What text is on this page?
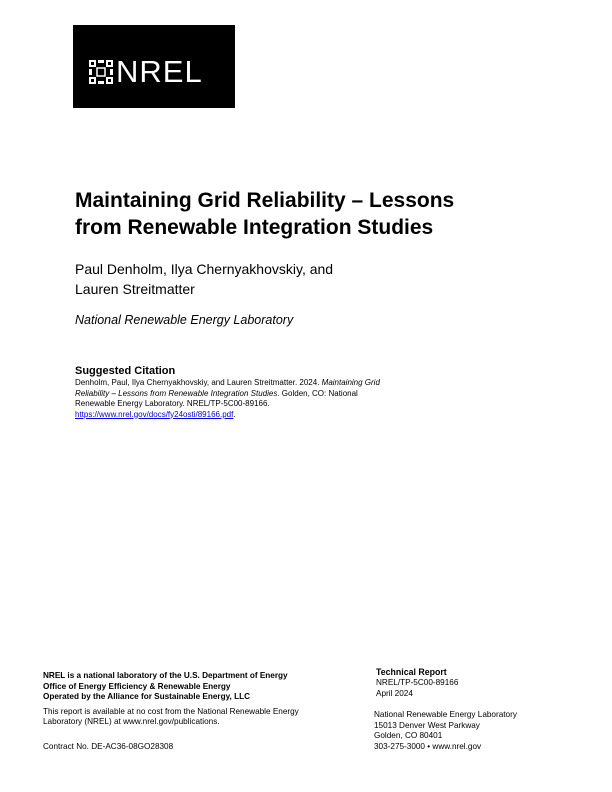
NREL
Maintaining Grid Reliability – Lessons
from Renewable Integration Studies
Paul Denholm, Ilya Chernyakhovskiy, and
Lauren Streitmatter
National Renewable Energy Laboratory
Suggested Citation
Denholm, Paul, Ilya Chernyakhovskiy, and Lauren Streitmatter. 2024. Maintaining Grid
Reliability – Lessons from Renewable Integration Studies. Golden, CO: National
Renewable Energy Laboratory. NREL/TP-5C00-89166.
https://www.nrel.gov/docs/fy24osti/89166.pdf.
NREL is a national laboratory of the U.S. Department of Energy
Office of Energy Efficiency & Renewable Energy
Operated by the Alliance for Sustainable Energy, LLC
This report is available at no cost from the National Renewable Energy
Laboratory (NREL) at www.nrel.gov/publications.
Contract No. DE-AC36-08GO28308
Technical Report
NREL/TP-5C00-89166
April 2024
National Renewable Energy Laboratory
15013 Denver West Parkway
Golden, CO 80401
303-275-3000 • www.nrel.gov
